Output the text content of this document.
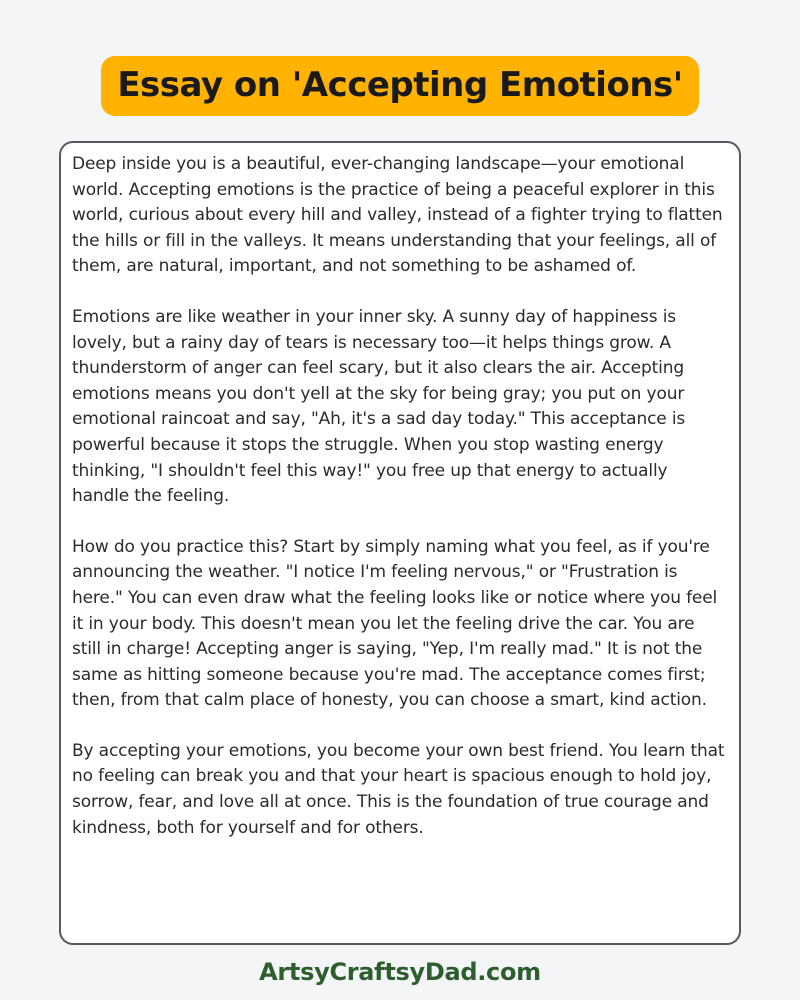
Essay on 'Accepting Emotions'

Deep inside you is a beautiful, ever-changing landscape—your emotional world. Accepting emotions is the practice of being a peaceful explorer in this world, curious about every hill and valley, instead of a fighter trying to flatten the hills or fill in the valleys. It means understanding that your feelings, all of them, are natural, important, and not something to be ashamed of.

Emotions are like weather in your inner sky. A sunny day of happiness is lovely, but a rainy day of tears is necessary too—it helps things grow. A thunderstorm of anger can feel scary, but it also clears the air. Accepting emotions means you don't yell at the sky for being gray; you put on your emotional raincoat and say, "Ah, it's a sad day today." This acceptance is powerful because it stops the struggle. When you stop wasting energy thinking, "I shouldn't feel this way!" you free up that energy to actually handle the feeling.

How do you practice this? Start by simply naming what you feel, as if you're announcing the weather. "I notice I'm feeling nervous," or "Frustration is here." You can even draw what the feeling looks like or notice where you feel it in your body. This doesn't mean you let the feeling drive the car. You are still in charge! Accepting anger is saying, "Yep, I'm really mad." It is not the same as hitting someone because you're mad. The acceptance comes first; then, from that calm place of honesty, you can choose a smart, kind action.

By accepting your emotions, you become your own best friend. You learn that no feeling can break you and that your heart is spacious enough to hold joy, sorrow, fear, and love all at once. This is the foundation of true courage and kindness, both for yourself and for others.

ArtsyCraftsyDad.com
